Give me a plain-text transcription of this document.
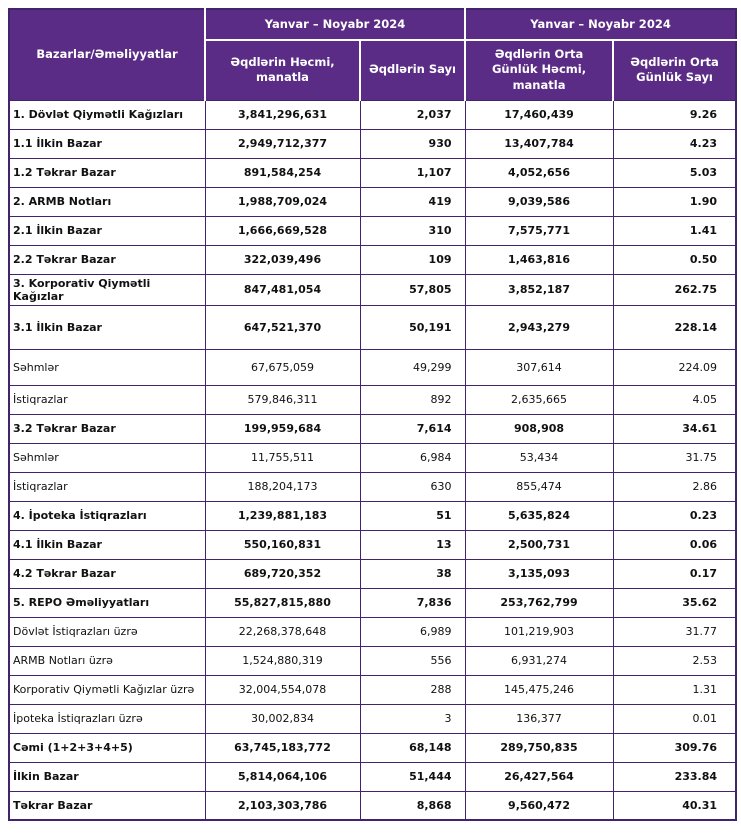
Bazarlar/Əməliyyatlar	Yanvar – Noyabr 2024		Yanvar – Noyabr 2024	
	Əqdlərin Həcmi, manatla	Əqdlərin Sayı	Əqdlərin Orta Günlük Həcmi, manatla	Əqdlərin Orta Günlük Sayı
1. Dövlət Qiymətli Kağızları	3,841,296,631	2,037	17,460,439	9.26
1.1 İlkin Bazar	2,949,712,377	930	13,407,784	4.23
1.2 Təkrar Bazar	891,584,254	1,107	4,052,656	5.03
2. ARMB Notları	1,988,709,024	419	9,039,586	1.90
2.1 İlkin Bazar	1,666,669,528	310	7,575,771	1.41
2.2 Təkrar Bazar	322,039,496	109	1,463,816	0.50
3. Korporativ Qiymətli Kağızlar	847,481,054	57,805	3,852,187	262.75
3.1 İlkin Bazar	647,521,370	50,191	2,943,279	228.14
Səhmlər	67,675,059	49,299	307,614	224.09
İstiqrazlar	579,846,311	892	2,635,665	4.05
3.2 Təkrar Bazar	199,959,684	7,614	908,908	34.61
Səhmlər	11,755,511	6,984	53,434	31.75
İstiqrazlar	188,204,173	630	855,474	2.86
4. İpoteka İstiqrazları	1,239,881,183	51	5,635,824	0.23
4.1 İlkin Bazar	550,160,831	13	2,500,731	0.06
4.2 Təkrar Bazar	689,720,352	38	3,135,093	0.17
5. REPO Əməliyyatları	55,827,815,880	7,836	253,762,799	35.62
Dövlət İstiqrazları üzrə	22,268,378,648	6,989	101,219,903	31.77
ARMB Notları üzrə	1,524,880,319	556	6,931,274	2.53
Korporativ Qiymətli Kağızlar üzrə	32,004,554,078	288	145,475,246	1.31
İpoteka İstiqrazları üzrə	30,002,834	3	136,377	0.01
Cəmi (1+2+3+4+5)	63,745,183,772	68,148	289,750,835	309.76
İlkin Bazar	5,814,064,106	51,444	26,427,564	233.84
Təkrar Bazar	2,103,303,786	8,868	9,560,472	40.31
